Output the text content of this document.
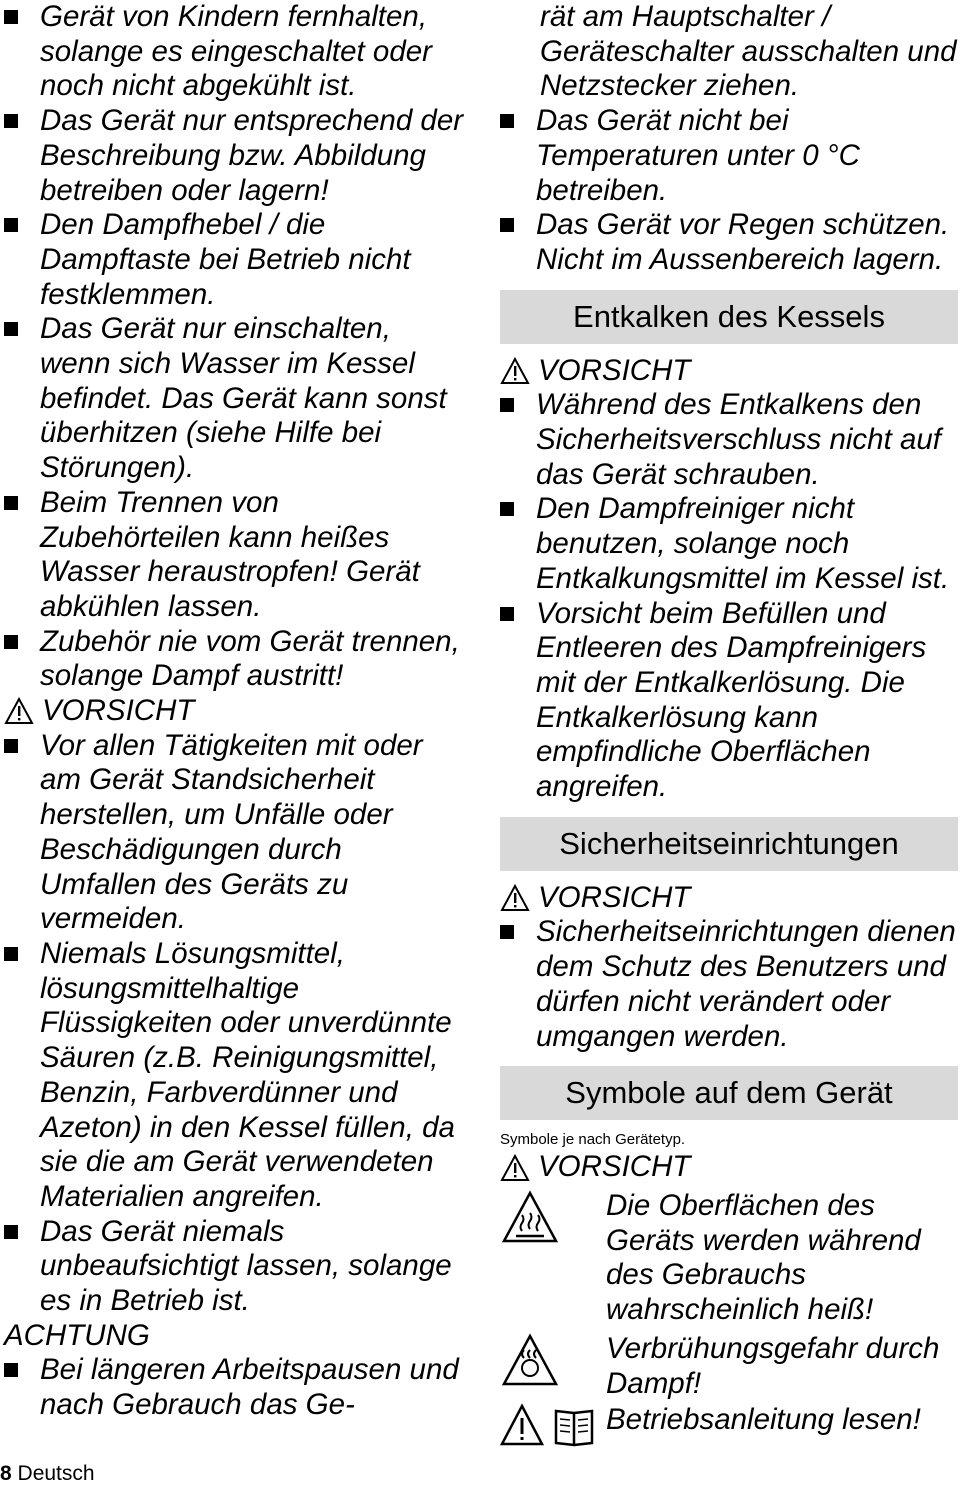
Gerät von Kindern fernhalten, solange es eingeschaltet oder noch nicht abgekühlt ist.
Das Gerät nur entsprechend der Beschreibung bzw. Abbildung betreiben oder lagern!
Den Dampfhebel / die Dampftaste bei Betrieb nicht festklemmen.
Das Gerät nur einschalten, wenn sich Wasser im Kessel befindet. Das Gerät kann sonst überhitzen (siehe Hilfe bei Störungen).
Beim Trennen von Zubehörteilen kann heißes Wasser heraustropfen! Gerät abkühlen lassen.
Zubehör nie vom Gerät trennen, solange Dampf austritt!
VORSICHT
Vor allen Tätigkeiten mit oder am Gerät Standsicherheit herstellen, um Unfälle oder Beschädigungen durch Umfallen des Geräts zu vermeiden.
Niemals Lösungsmittel, lösungsmittelhaltige Flüssigkeiten oder unverdünnte Säuren (z.B. Reinigungsmittel, Benzin, Farbverdünner und Azeton) in den Kessel füllen, da sie die am Gerät verwendeten Materialien angreifen.
Das Gerät niemals unbeaufsichtigt lassen, solange es in Betrieb ist.
ACHTUNG
Bei längeren Arbeitspausen und nach Gebrauch das Ge-
rät am Hauptschalter / Geräteschalter ausschalten und Netzstecker ziehen.
Das Gerät nicht bei Temperaturen unter 0 °C betreiben.
Das Gerät vor Regen schützen. Nicht im Aussenbereich lagern.
Entkalken des Kessels
VORSICHT
Während des Entkalkens den Sicherheitsverschluss nicht auf das Gerät schrauben.
Den Dampfreiniger nicht benutzen, solange noch Entkalkungsmittel im Kessel ist.
Vorsicht beim Befüllen und Entleeren des Dampfreinigers mit der Entkalkerlösung. Die Entkalkerlösung kann empfindliche Oberflächen angreifen.
Sicherheitseinrichtungen
VORSICHT
Sicherheitseinrichtungen dienen dem Schutz des Benutzers und dürfen nicht verändert oder umgangen werden.
Symbole auf dem Gerät
Symbole je nach Gerätetyp.
VORSICHT
Die Oberflächen des Geräts werden während des Gebrauchs wahrscheinlich heiß!
Verbrühungsgefahr durch Dampf!
Betriebsanleitung lesen!
8 Deutsch
